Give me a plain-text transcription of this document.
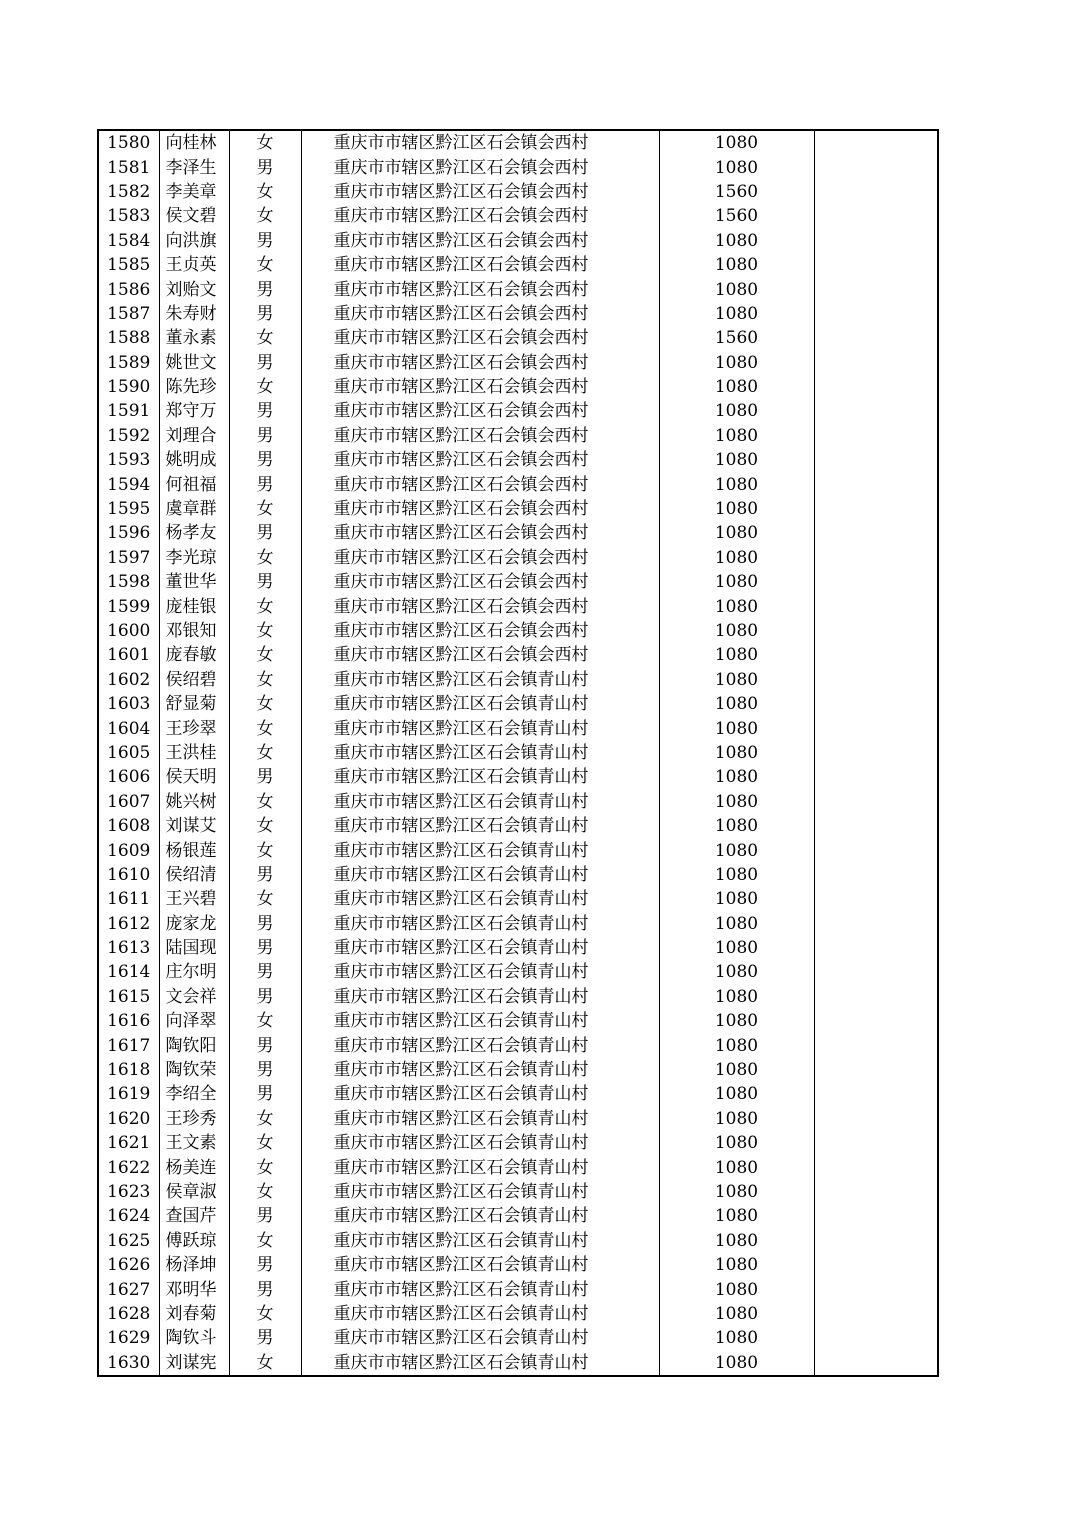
1580	向桂林	女	重庆市市辖区黔江区石会镇会西村	1080	
1581	李泽生	男	重庆市市辖区黔江区石会镇会西村	1080	
1582	李美章	女	重庆市市辖区黔江区石会镇会西村	1560	
1583	侯文碧	女	重庆市市辖区黔江区石会镇会西村	1560	
1584	向洪旗	男	重庆市市辖区黔江区石会镇会西村	1080	
1585	王贞英	女	重庆市市辖区黔江区石会镇会西村	1080	
1586	刘贻文	男	重庆市市辖区黔江区石会镇会西村	1080	
1587	朱寿财	男	重庆市市辖区黔江区石会镇会西村	1080	
1588	董永素	女	重庆市市辖区黔江区石会镇会西村	1560	
1589	姚世文	男	重庆市市辖区黔江区石会镇会西村	1080	
1590	陈先珍	女	重庆市市辖区黔江区石会镇会西村	1080	
1591	郑守万	男	重庆市市辖区黔江区石会镇会西村	1080	
1592	刘理合	男	重庆市市辖区黔江区石会镇会西村	1080	
1593	姚明成	男	重庆市市辖区黔江区石会镇会西村	1080	
1594	何祖福	男	重庆市市辖区黔江区石会镇会西村	1080	
1595	虞章群	女	重庆市市辖区黔江区石会镇会西村	1080	
1596	杨孝友	男	重庆市市辖区黔江区石会镇会西村	1080	
1597	李光琼	女	重庆市市辖区黔江区石会镇会西村	1080	
1598	董世华	男	重庆市市辖区黔江区石会镇会西村	1080	
1599	庞桂银	女	重庆市市辖区黔江区石会镇会西村	1080	
1600	邓银知	女	重庆市市辖区黔江区石会镇会西村	1080	
1601	庞春敏	女	重庆市市辖区黔江区石会镇会西村	1080	
1602	侯绍碧	女	重庆市市辖区黔江区石会镇青山村	1080	
1603	舒显菊	女	重庆市市辖区黔江区石会镇青山村	1080	
1604	王珍翠	女	重庆市市辖区黔江区石会镇青山村	1080	
1605	王洪桂	女	重庆市市辖区黔江区石会镇青山村	1080	
1606	侯天明	男	重庆市市辖区黔江区石会镇青山村	1080	
1607	姚兴树	女	重庆市市辖区黔江区石会镇青山村	1080	
1608	刘谋艾	女	重庆市市辖区黔江区石会镇青山村	1080	
1609	杨银莲	女	重庆市市辖区黔江区石会镇青山村	1080	
1610	侯绍清	男	重庆市市辖区黔江区石会镇青山村	1080	
1611	王兴碧	女	重庆市市辖区黔江区石会镇青山村	1080	
1612	庞家龙	男	重庆市市辖区黔江区石会镇青山村	1080	
1613	陆国现	男	重庆市市辖区黔江区石会镇青山村	1080	
1614	庄尔明	男	重庆市市辖区黔江区石会镇青山村	1080	
1615	文会祥	男	重庆市市辖区黔江区石会镇青山村	1080	
1616	向泽翠	女	重庆市市辖区黔江区石会镇青山村	1080	
1617	陶钦阳	男	重庆市市辖区黔江区石会镇青山村	1080	
1618	陶钦荣	男	重庆市市辖区黔江区石会镇青山村	1080	
1619	李绍全	男	重庆市市辖区黔江区石会镇青山村	1080	
1620	王珍秀	女	重庆市市辖区黔江区石会镇青山村	1080	
1621	王文素	女	重庆市市辖区黔江区石会镇青山村	1080	
1622	杨美连	女	重庆市市辖区黔江区石会镇青山村	1080	
1623	侯章淑	女	重庆市市辖区黔江区石会镇青山村	1080	
1624	查国芹	男	重庆市市辖区黔江区石会镇青山村	1080	
1625	傅跃琼	女	重庆市市辖区黔江区石会镇青山村	1080	
1626	杨泽坤	男	重庆市市辖区黔江区石会镇青山村	1080	
1627	邓明华	男	重庆市市辖区黔江区石会镇青山村	1080	
1628	刘春菊	女	重庆市市辖区黔江区石会镇青山村	1080	
1629	陶钦斗	男	重庆市市辖区黔江区石会镇青山村	1080	
1630	刘谋宪	女	重庆市市辖区黔江区石会镇青山村	1080	
